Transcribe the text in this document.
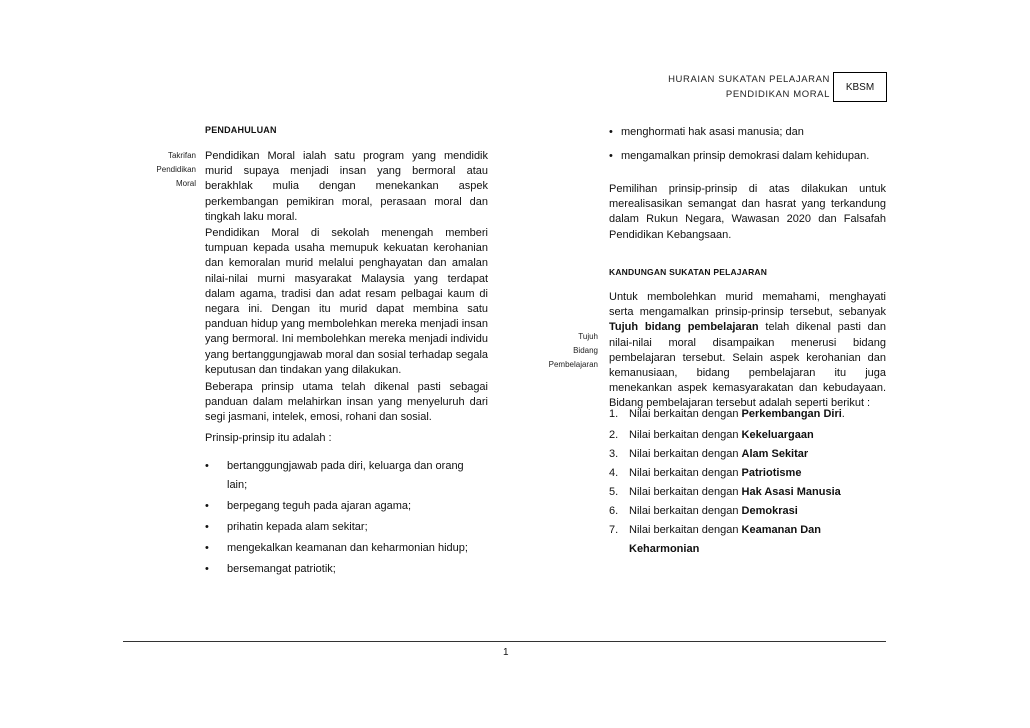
HURAIAN SUKATAN PELAJARAN
PENDIDIKAN MORAL
KBSM
PENDAHULUAN
Takrifan
Pendidikan
Moral
Pendidikan Moral ialah satu program yang mendidik murid supaya menjadi insan yang bermoral atau berakhlak mulia dengan menekankan aspek perkembangan pemikiran moral, perasaan moral dan tingkah laku moral.
Pendidikan Moral di sekolah menengah memberi tumpuan kepada usaha memupuk kekuatan kerohanian dan kemoralan murid melalui penghayatan dan amalan nilai-nilai murni masyarakat Malaysia yang terdapat dalam agama, tradisi dan adat resam pelbagai kaum di negara ini. Dengan itu murid dapat membina satu panduan hidup yang membolehkan mereka menjadi insan yang bermoral. Ini membolehkan mereka menjadi individu yang bertanggungjawab moral dan sosial terhadap segala keputusan dan tindakan yang dilakukan.
Beberapa prinsip utama telah dikenal pasti sebagai panduan dalam melahirkan insan yang menyeluruh dari segi jasmani, intelek, emosi, rohani dan sosial.
Prinsip-prinsip itu adalah :
•	bertanggungjawab pada diri, keluarga dan orang
lain;
•	berpegang teguh pada ajaran agama;
•	prihatin kepada alam sekitar;
•	mengekalkan keamanan dan keharmonian hidup;
•	bersemangat patriotik;
• menghormati hak asasi manusia; dan
• mengamalkan prinsip demokrasi dalam kehidupan.
Pemilihan prinsip-prinsip di atas dilakukan untuk merealisasikan semangat dan hasrat yang terkandung dalam Rukun Negara, Wawasan 2020 dan Falsafah Pendidikan Kebangsaan.
KANDUNGAN SUKATAN PELAJARAN
Tujuh
Bidang
Pembelajaran
Untuk membolehkan murid memahami, menghayati serta mengamalkan prinsip-prinsip tersebut, sebanyak Tujuh bidang pembelajaran telah dikenal pasti dan nilai-nilai moral disampaikan menerusi bidang pembelajaran tersebut. Selain aspek kerohanian dan kemanusiaan, bidang pembelajaran itu juga menekankan aspek kemasyarakatan dan kebudayaan. Bidang pembelajaran tersebut adalah seperti berikut :
1. Nilai berkaitan dengan Perkembangan Diri.
2. Nilai berkaitan dengan Kekeluargaan
3. Nilai berkaitan dengan Alam Sekitar
4. Nilai berkaitan dengan Patriotisme
5. Nilai berkaitan dengan Hak Asasi Manusia
6. Nilai berkaitan dengan Demokrasi
7. Nilai berkaitan dengan Keamanan Dan
Keharmonian
1
